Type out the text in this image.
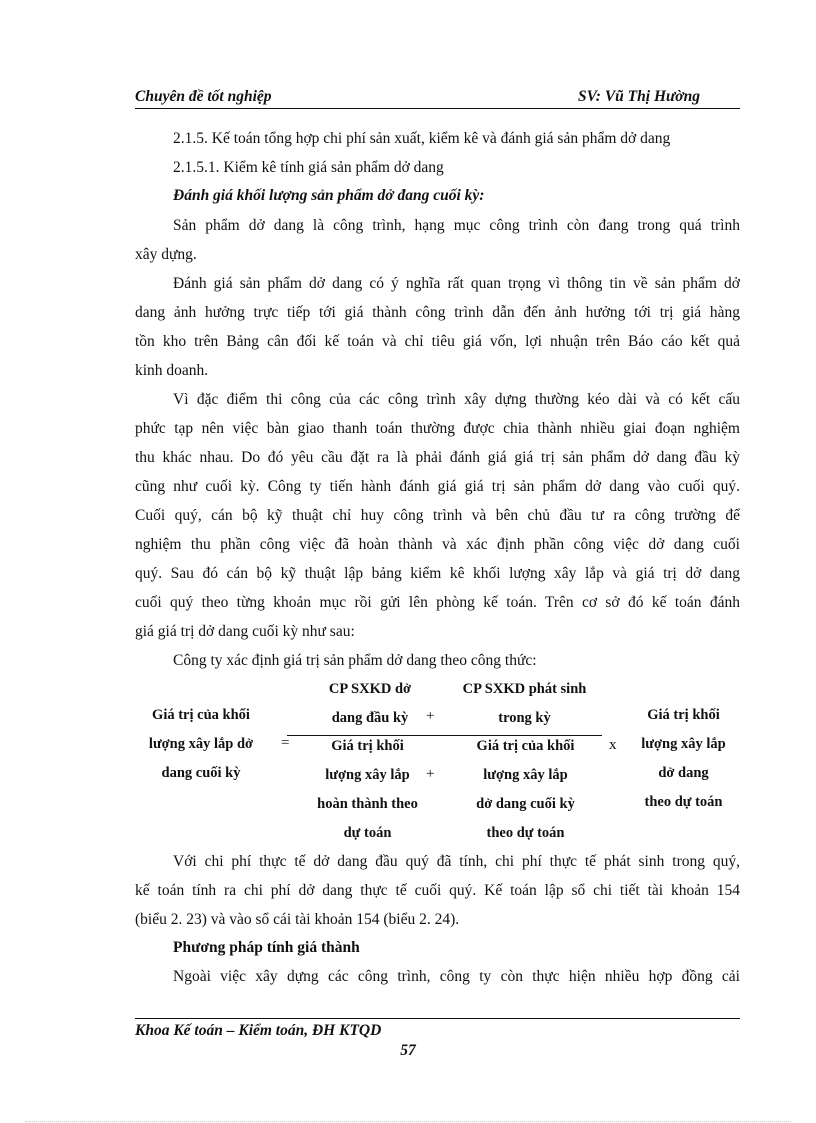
Chuyên đề tốt nghiệp	SV: Vũ Thị Hường
2.1.5. Kế toán tổng hợp chi phí sản xuất, kiểm kê và đánh giá sản phẩm dở dang
2.1.5.1. Kiểm kê tính giá sản phẩm dở dang
Đánh giá khối lượng sản phẩm dở đang cuối kỳ:
Sản phẩm dở dang là công trình, hạng mục công trình còn đang trong quá trình
xây dựng.
Đánh giá sản phẩm dở dang có ý nghĩa rất quan trọng vì thông tin về sản phẩm dở
dang ảnh hưởng trực tiếp tới giá thành công trình dẫn đến ảnh hưởng tới trị giá hàng
tồn kho trên Bảng cân đối kế toán và chỉ tiêu giá vốn, lợi nhuận trên Báo cáo kết quả
kinh doanh.
Vì đặc điểm thi công của các công trình xây dựng thường kéo dài và có kết cấu
phức tạp nên việc bàn giao thanh toán thường được chia thành nhiều giai đoạn nghiệm
thu khác nhau. Do đó yêu cầu đặt ra là phải đánh giá giá trị sản phẩm dở dang đầu kỳ
cũng như cuối kỳ. Công ty tiến hành đánh giá giá trị sản phẩm dở dang vào cuối quý.
Cuối quý, cán bộ kỹ thuật chỉ huy công trình và bên chủ đầu tư ra công trường để
nghiệm thu phần công việc đã hoàn thành và xác định phần công việc dở dang cuối
quý. Sau đó cán bộ kỹ thuật lập bảng kiểm kê khối lượng xây lắp và giá trị dở dang
cuối quý theo từng khoản mục rồi gửi lên phòng kế toán. Trên cơ sở đó kế toán đánh
giá giá trị dở dang cuối kỳ như sau:
Công ty xác định giá trị sản phẩm dở dang theo công thức:
Với chi phí thực tế dở dang đầu quý đã tính, chi phí thực tế phát sinh trong quý,
kế toán tính ra chi phí dở dang thực tế cuối quý. Kế toán lập sổ chi tiết tài khoản 154
(biểu 2. 23) và vào sổ cái tài khoản 154 (biểu 2. 24).
Phương pháp tính giá thành
Ngoài việc xây dựng các công trình, công ty còn thực hiện nhiều hợp đồng cải
Giá trị của khối
lượng xây lắp dở
dang cuối kỳ
=
CP SXKD dở
dang đầu kỳ	+
CP SXKD phát sinh
trong kỳ
Giá trị khối
lượng xây lắp
hoàn thành theo
dự toán
+
Giá trị của khối
lượng xây lắp
dở dang cuối kỳ
theo dự toán
x
Giá trị khối
lượng xây lắp
dở dang
theo dự toán
Khoa Kế toán – Kiểm toán, ĐH KTQD
57
